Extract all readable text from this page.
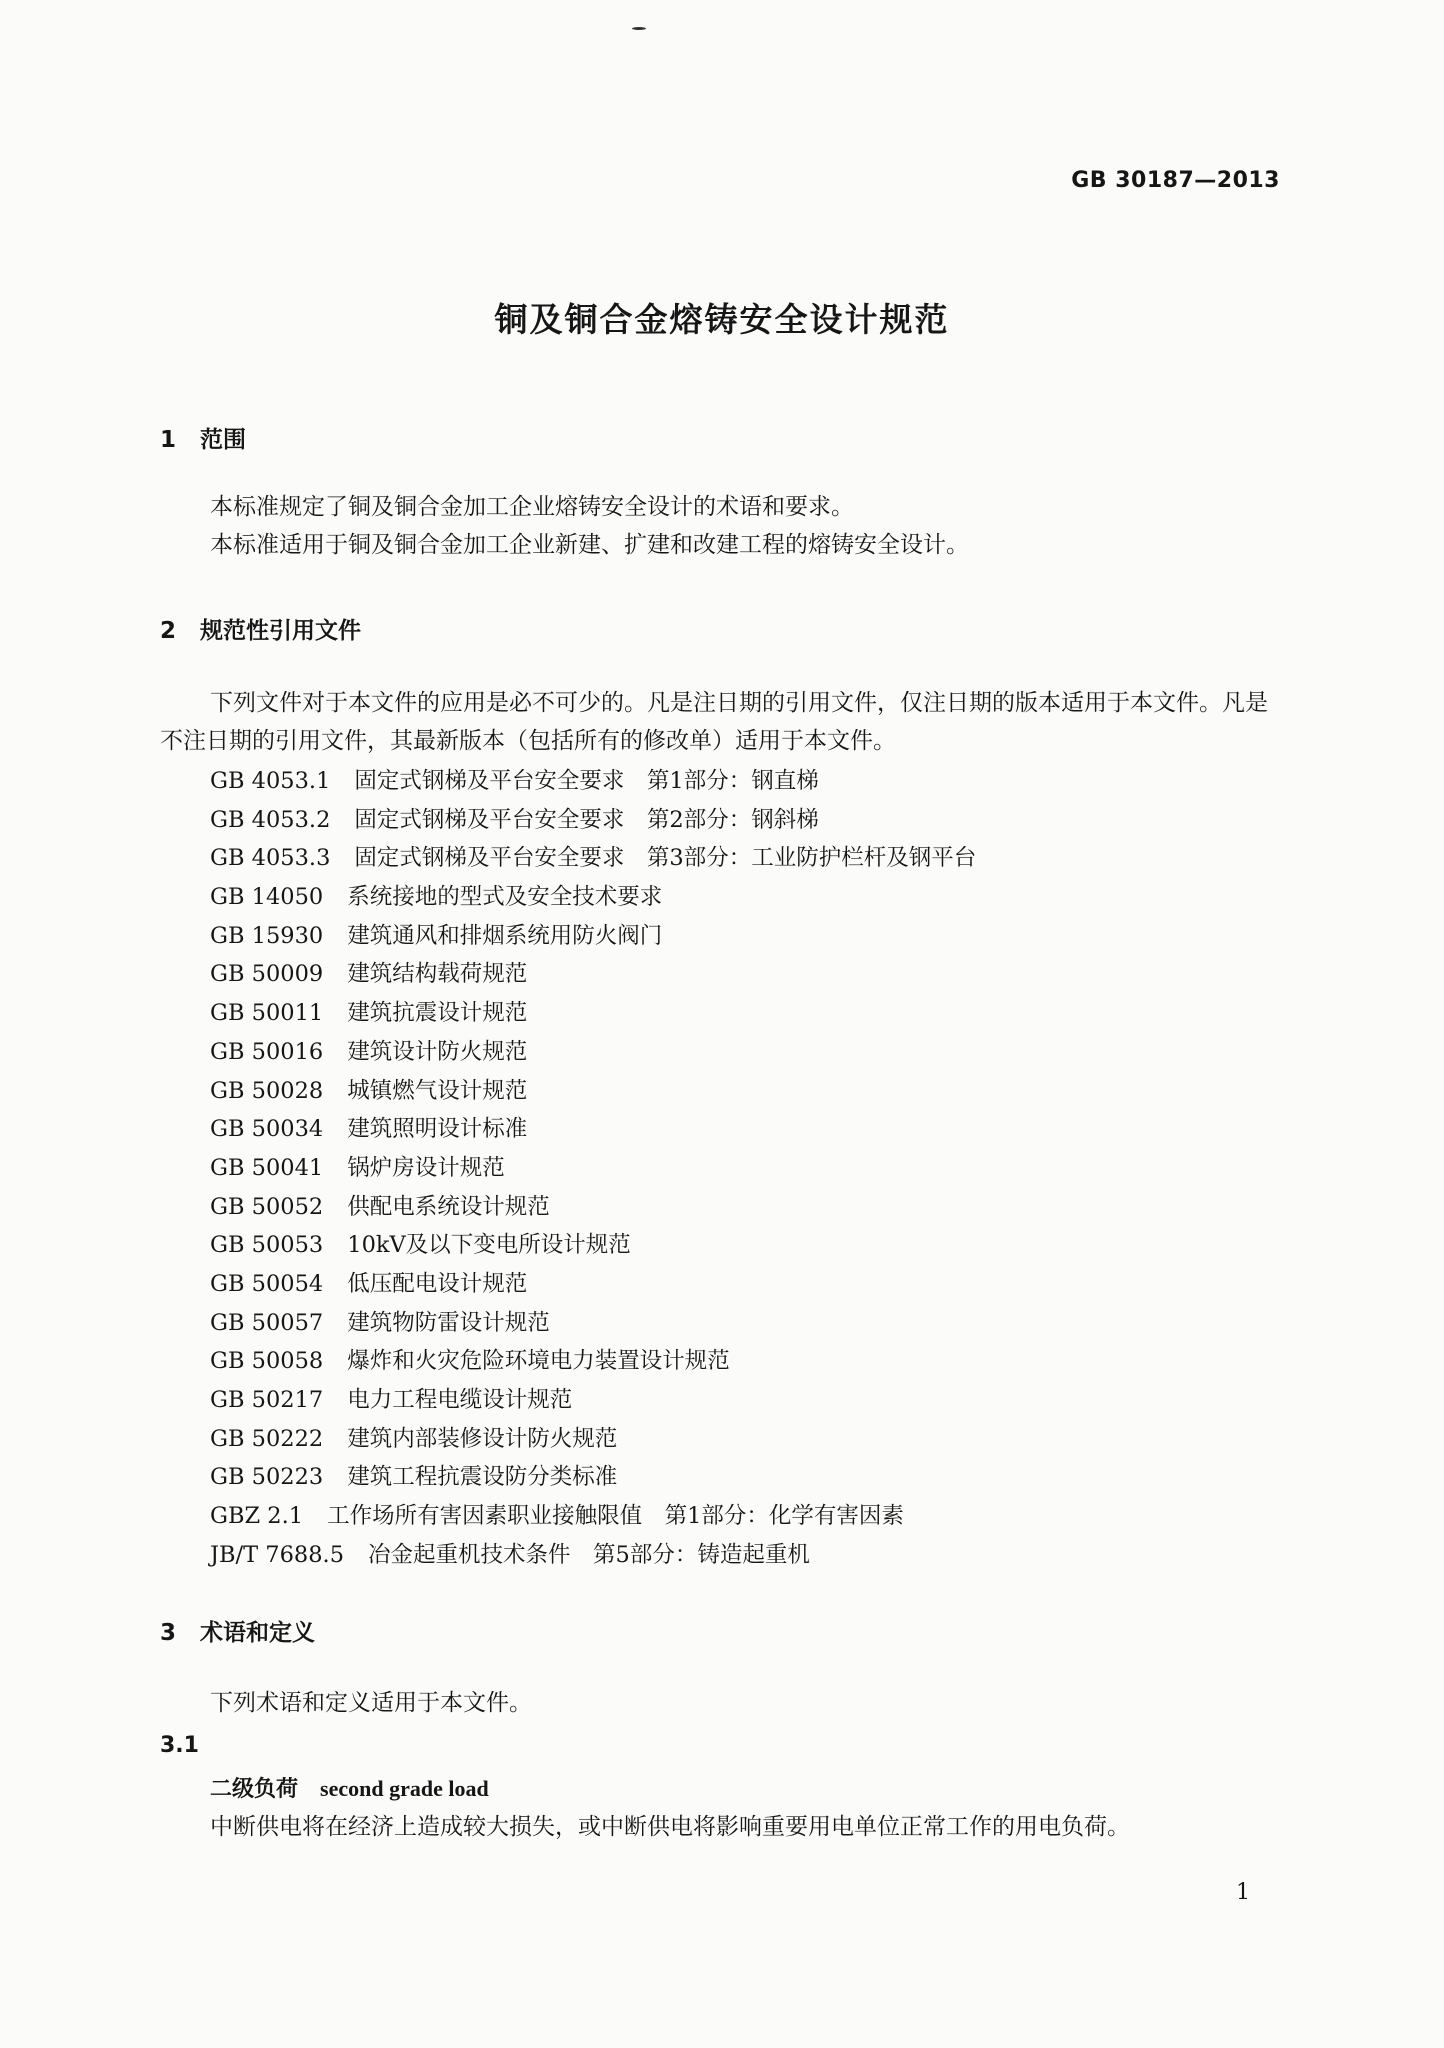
GB 30187—2013
铜及铜合金熔铸安全设计规范
1 范围
本标准规定了铜及铜合金加工企业熔铸安全设计的术语和要求。
本标准适用于铜及铜合金加工企业新建、扩建和改建工程的熔铸安全设计。
2 规范性引用文件
下列文件对于本文件的应用是必不可少的。凡是注日期的引用文件，仅注日期的版本适用于本文件。凡是不注日期的引用文件，其最新版本（包括所有的修改单）适用于本文件。
GB 4053.1 固定式钢梯及平台安全要求　第1部分：钢直梯
GB 4053.2 固定式钢梯及平台安全要求　第2部分：钢斜梯
GB 4053.3 固定式钢梯及平台安全要求　第3部分：工业防护栏杆及钢平台
GB 14050 系统接地的型式及安全技术要求
GB 15930 建筑通风和排烟系统用防火阀门
GB 50009 建筑结构载荷规范
GB 50011 建筑抗震设计规范
GB 50016 建筑设计防火规范
GB 50028 城镇燃气设计规范
GB 50034 建筑照明设计标准
GB 50041 锅炉房设计规范
GB 50052 供配电系统设计规范
GB 50053 10kV及以下变电所设计规范
GB 50054 低压配电设计规范
GB 50057 建筑物防雷设计规范
GB 50058 爆炸和火灾危险环境电力装置设计规范
GB 50217 电力工程电缆设计规范
GB 50222 建筑内部装修设计防火规范
GB 50223 建筑工程抗震设防分类标准
GBZ 2.1 工作场所有害因素职业接触限值　第1部分：化学有害因素
JB/T 7688.5 冶金起重机技术条件　第5部分：铸造起重机
3 术语和定义
下列术语和定义适用于本文件。
3.1
二级负荷 second grade load
中断供电将在经济上造成较大损失，或中断供电将影响重要用电单位正常工作的用电负荷。
1
